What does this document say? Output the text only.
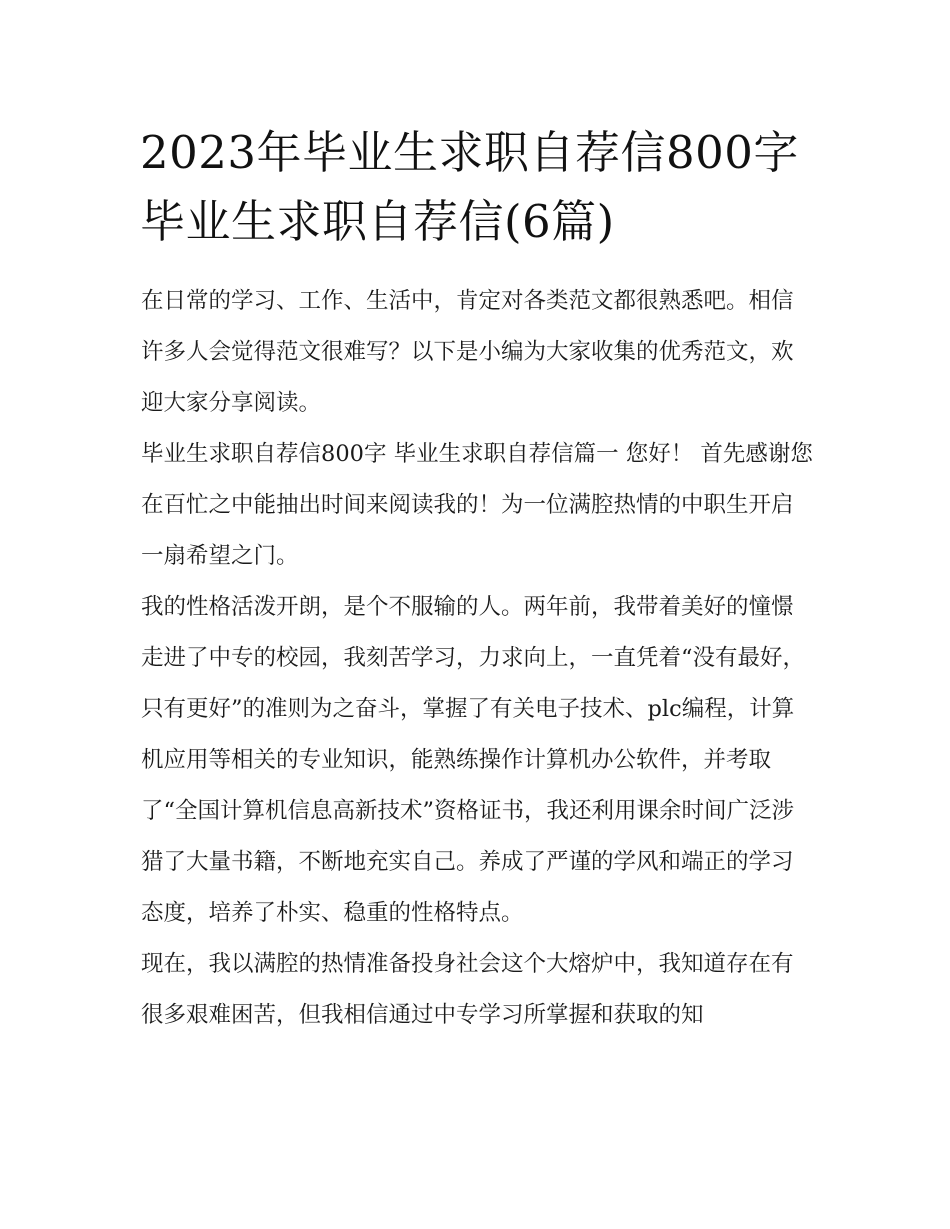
2023年毕业生求职自荐信800字 毕业生求职自荐信(6篇)

在日常的学习、工作、生活中，肯定对各类范文都很熟悉吧。相信许多人会觉得范文很难写？以下是小编为大家收集的优秀范文，欢迎大家分享阅读。

毕业生求职自荐信800字 毕业生求职自荐信篇一 您好！ 首先感谢您在百忙之中能抽出时间来阅读我的！为一位满腔热情的中职生开启一扇希望之门。

我的性格活泼开朗，是个不服输的人。两年前，我带着美好的憧憬走进了中专的校园，我刻苦学习，力求向上，一直凭着“没有最好，只有更好”的准则为之奋斗，掌握了有关电子技术、plc编程，计算机应用等相关的专业知识，能熟练操作计算机办公软件，并考取了“全国计算机信息高新技术”资格证书，我还利用课余时间广泛涉猎了大量书籍，不断地充实自己。养成了严谨的学风和端正的学习态度，培养了朴实、稳重的性格特点。

现在，我以满腔的热情准备投身社会这个大熔炉中，我知道存在有很多艰难困苦，但我相信通过中专学习所掌握和获取的知
